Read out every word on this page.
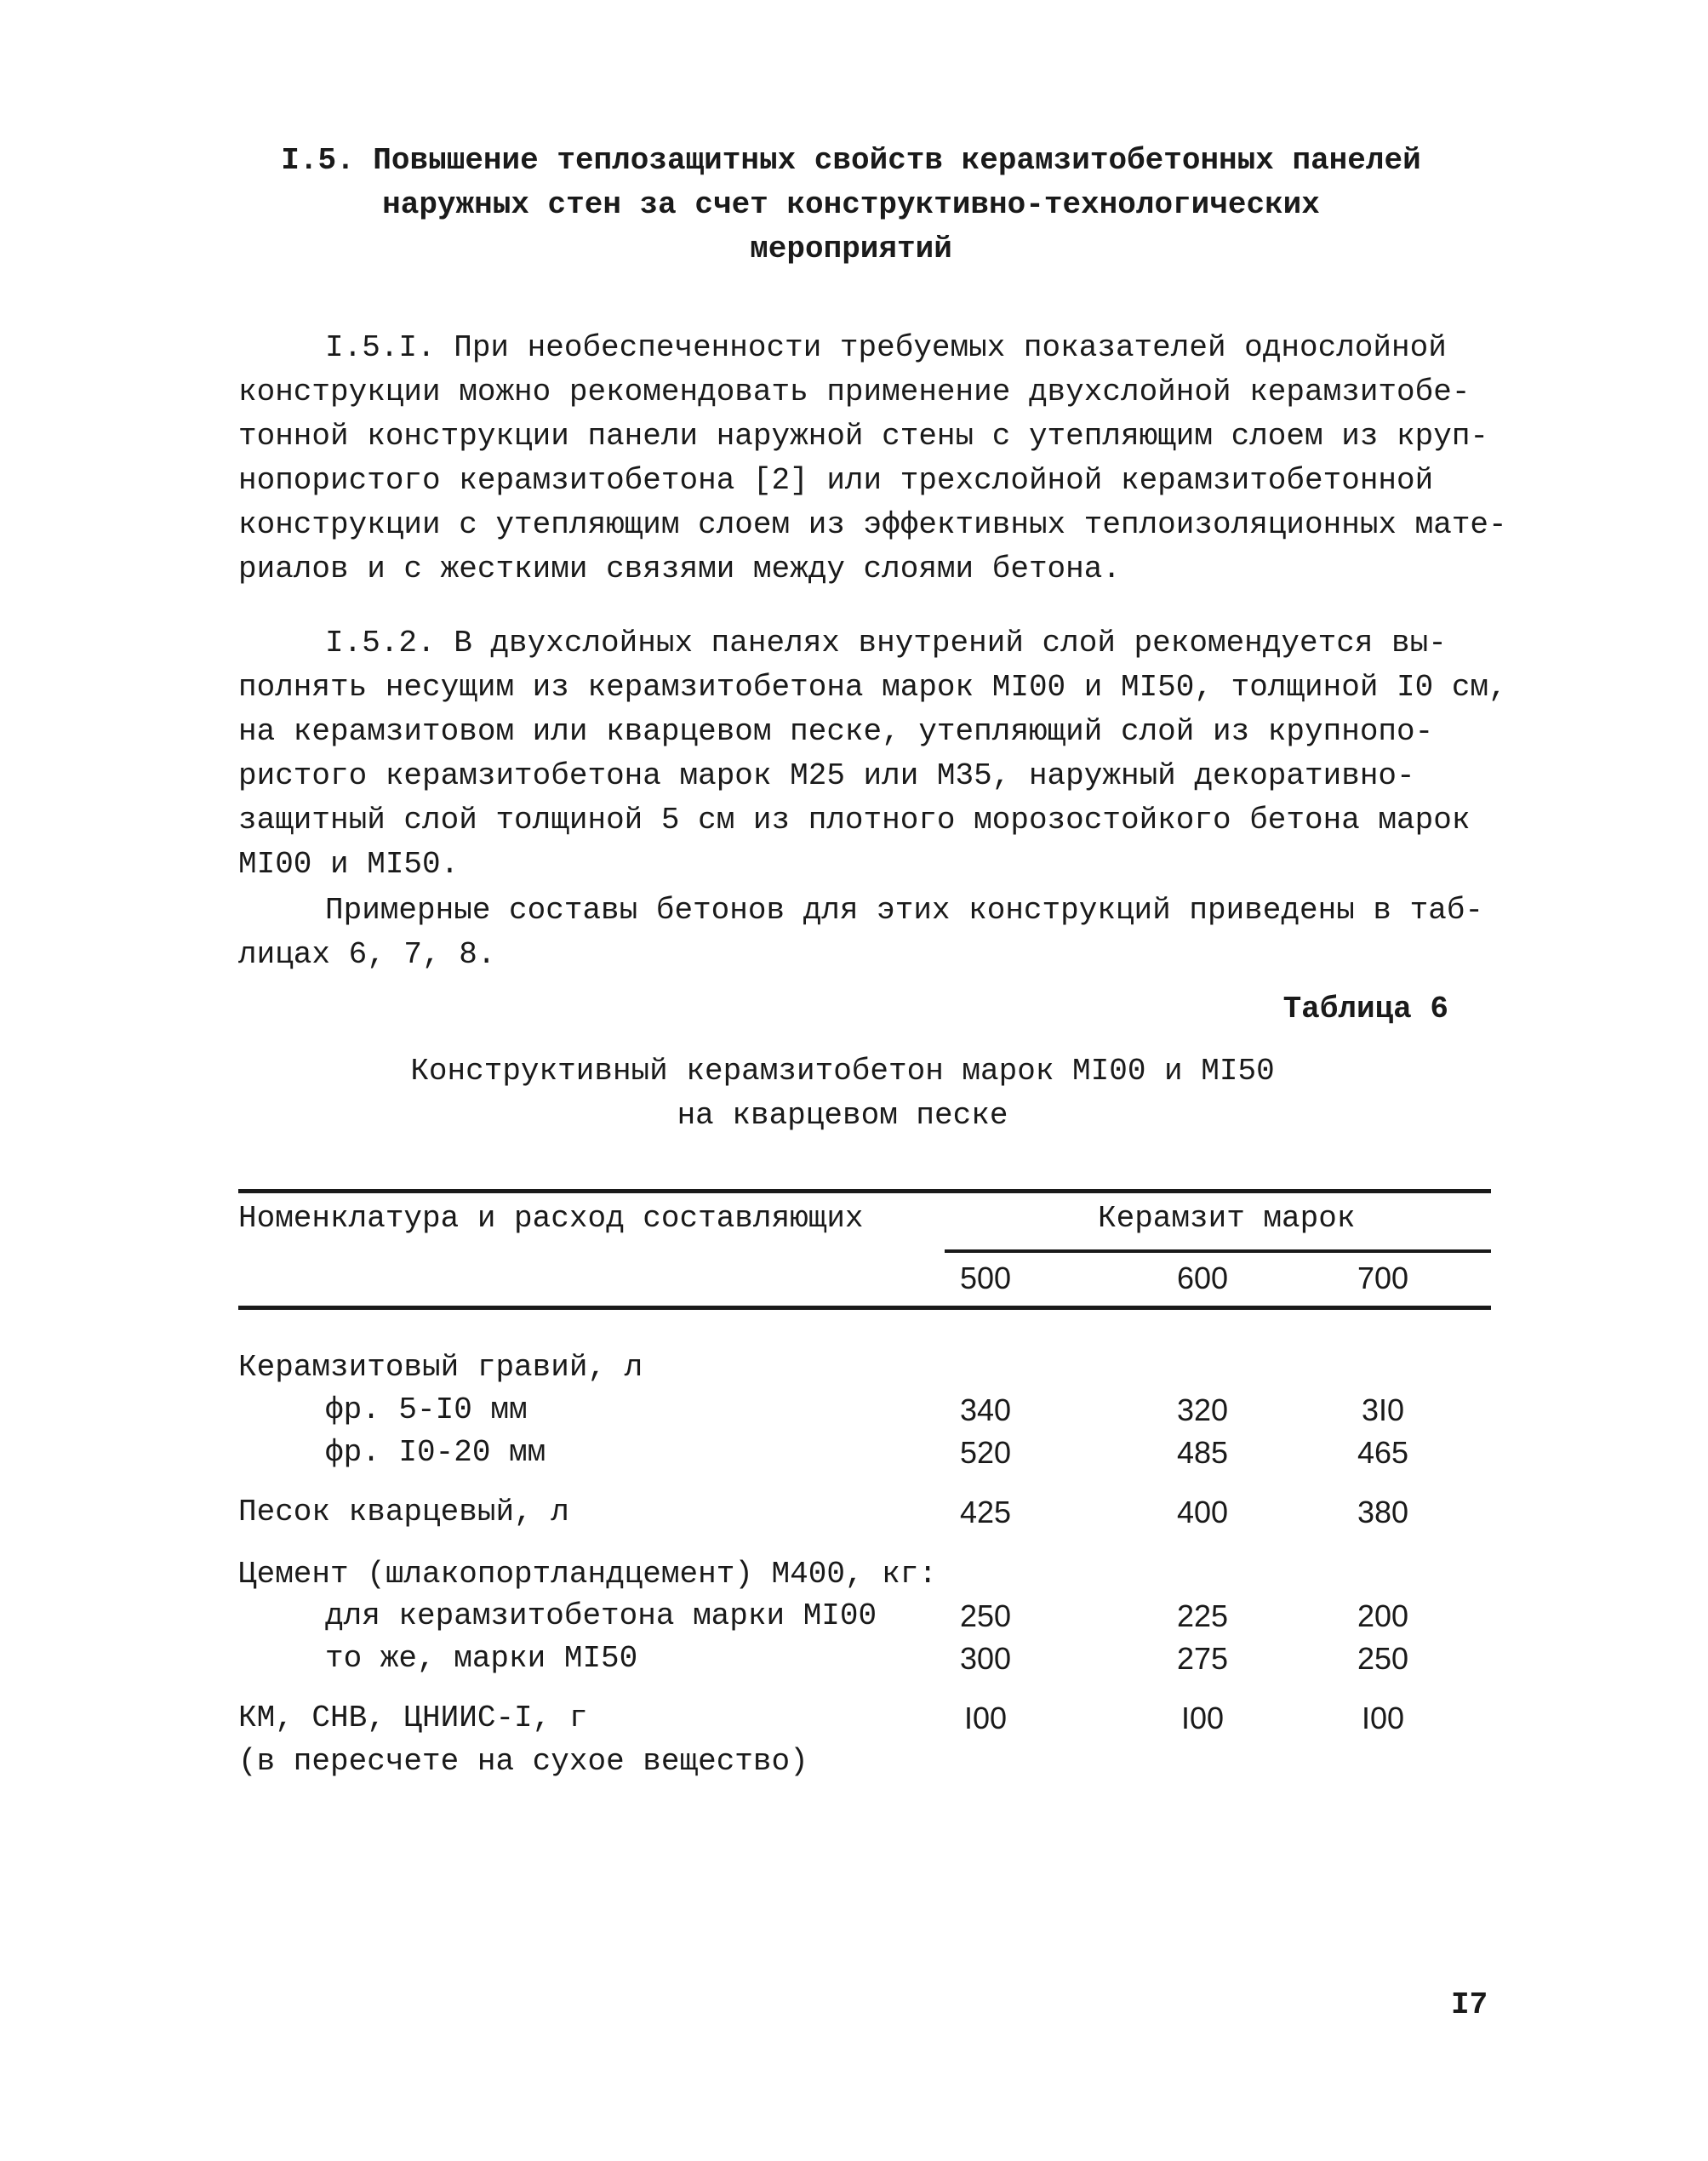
I.5. Повышение теплозащитных свойств керамзитобетонных панелей
наружных стен за счет конструктивно-технологических
мероприятий
I.5.I. При необеспеченности требуемых показателей однослойной
конструкции можно рекомендовать применение двухслойной керамзитобе-
тонной конструкции панели наружной стены с утепляющим слоем из круп-
нопористого керамзитобетона [2] или трехслойной керамзитобетонной
конструкции с утепляющим слоем из эффективных теплоизоляционных мате-
риалов и с жесткими связями между слоями бетона.
I.5.2. В двухслойных панелях внутрений слой рекомендуется вы-
полнять несущим из керамзитобетона марок MI00 и MI50, толщиной I0 см,
на керамзитовом или кварцевом песке, утепляющий слой из крупнопо-
ристого керамзитобетона марок М25 или М35, наружный декоративно-
защитный слой толщиной 5 см из плотного морозостойкого бетона марок
MI00 и MI50.
Примерные составы бетонов для этих конструкций приведены в таб-
лицах 6, 7, 8.
Таблица 6
Конструктивный керамзитобетон марок MI00 и MI50
на кварцевом песке
Номенклатура и расход составляющих	Керамзит марок
500	600	700
Керамзитовый гравий, л
фр. 5-I0 мм	340	320	3I0
фр. I0-20 мм	520	485	465
Песок кварцевый, л	425	400	380
Цемент (шлакопортландцемент) М400, кг:
для керамзитобетона марки MI00	250	225	200
то же, марки MI50	300	275	250
КМ, СНВ, ЦНИИС-I, г	I00	I00	I00
(в пересчете на сухое вещество)
I7
